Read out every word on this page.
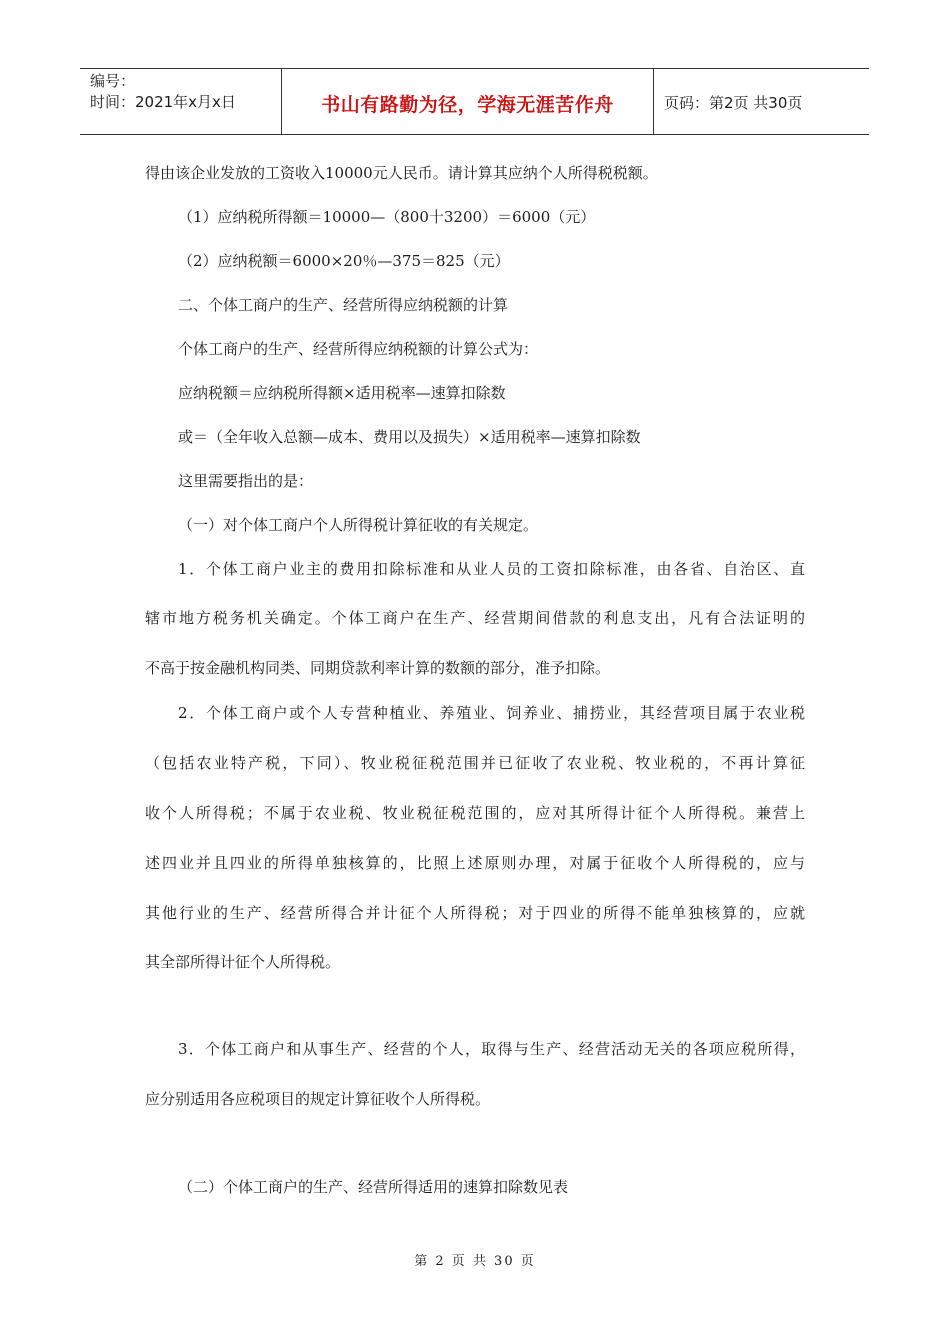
编号：
时间：2021年x月x日	书山有路勤为径，学海无涯苦作舟	页码：第2页 共30页
得由该企业发放的工资收入10000元人民币。请计算其应纳个人所得税税额。
（1）应纳税所得额＝10000—（800十3200）＝6000（元）
（2）应纳税额＝6000×20％—375＝825（元）
二、个体工商户的生产、经营所得应纳税额的计算
个体工商户的生产、经营所得应纳税额的计算公式为：
应纳税额＝应纳税所得额×适用税率—速算扣除数
或＝（全年收入总额—成本、费用以及损失）×适用税率—速算扣除数
这里需要指出的是：
（一）对个体工商户个人所得税计算征收的有关规定。
1．个体工商户业主的费用扣除标准和从业人员的工资扣除标准，由各省、自治区、直
辖市地方税务机关确定。个体工商户在生产、经营期间借款的利息支出，凡有合法证明的
不高于按金融机构同类、同期贷款利率计算的数额的部分，准予扣除。
2．个体工商户或个人专营种植业、养殖业、饲养业、捕捞业，其经营项目属于农业税
（包括农业特产税，下同）、牧业税征税范围并已征收了农业税、牧业税的，不再计算征
收个人所得税；不属于农业税、牧业税征税范围的，应对其所得计征个人所得税。兼营上
述四业并且四业的所得单独核算的，比照上述原则办理，对属于征收个人所得税的，应与
其他行业的生产、经营所得合并计征个人所得税；对于四业的所得不能单独核算的，应就
其全部所得计征个人所得税。
3．个体工商户和从事生产、经营的个人，取得与生产、经营活动无关的各项应税所得，
应分别适用各应税项目的规定计算征收个人所得税。
（二）个体工商户的生产、经营所得适用的速算扣除数见表
第 2 页 共 30 页
